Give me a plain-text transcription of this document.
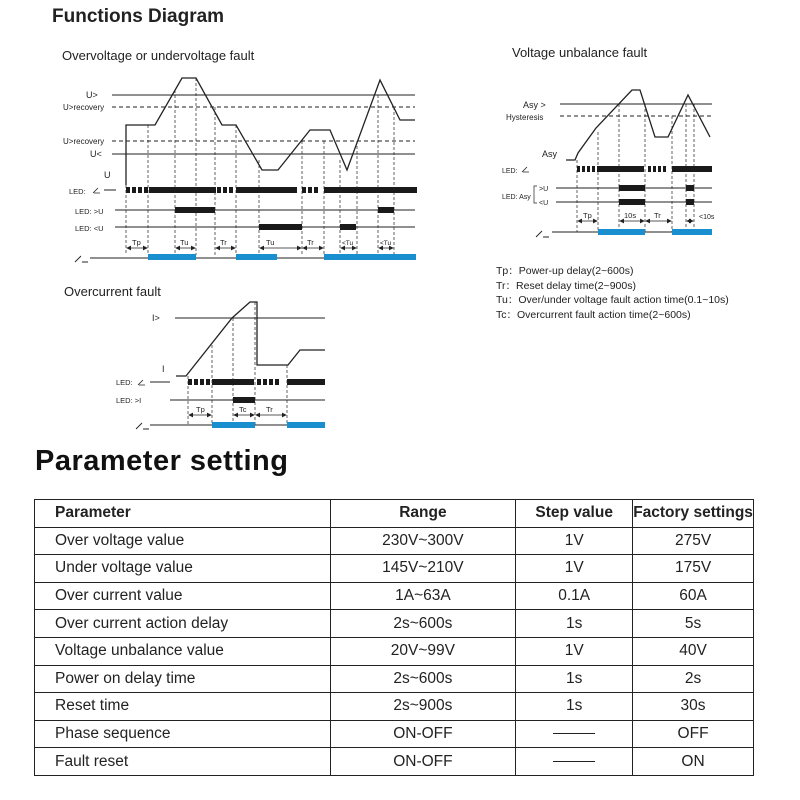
Functions Diagram
Overvoltage or undervoltage fault
U>
U>recovery
U>recovery
U<
U
LED:
LED: >U
LED: <U
Tp	Tu	Tr	Tu	Tr	<Tu	<Tu
Voltage unbalance fault
Asy >
Hysteresis
Asy
LED:
LED: Asy
>U
<U
Tp	10s Tr	<10s
Tp：Power-up delay(2~600s)
Tr：Reset delay time(2~900s)
Tu：Over/under voltage fault action time(0.1~10s)
Tc：Overcurrent fault action time(2~600s)
Overcurrent fault
I>
I
LED:
LED: >I
Tp	Tc	Tr
Parameter setting
Parameter	Range	Step value	Factory settings
Over voltage value	230V~300V	1V	275V
Under voltage value	145V~210V	1V	175V
Over current value	1A~63A	0.1A	60A
Over current action delay	2s~600s	1s	5s
Voltage unbalance value	20V~99V	1V	40V
Power on delay time	2s~600s	1s	2s
Reset time	2s~900s	1s	30s
Phase sequence	ON-OFF		OFF
Fault reset	ON-OFF		ON
